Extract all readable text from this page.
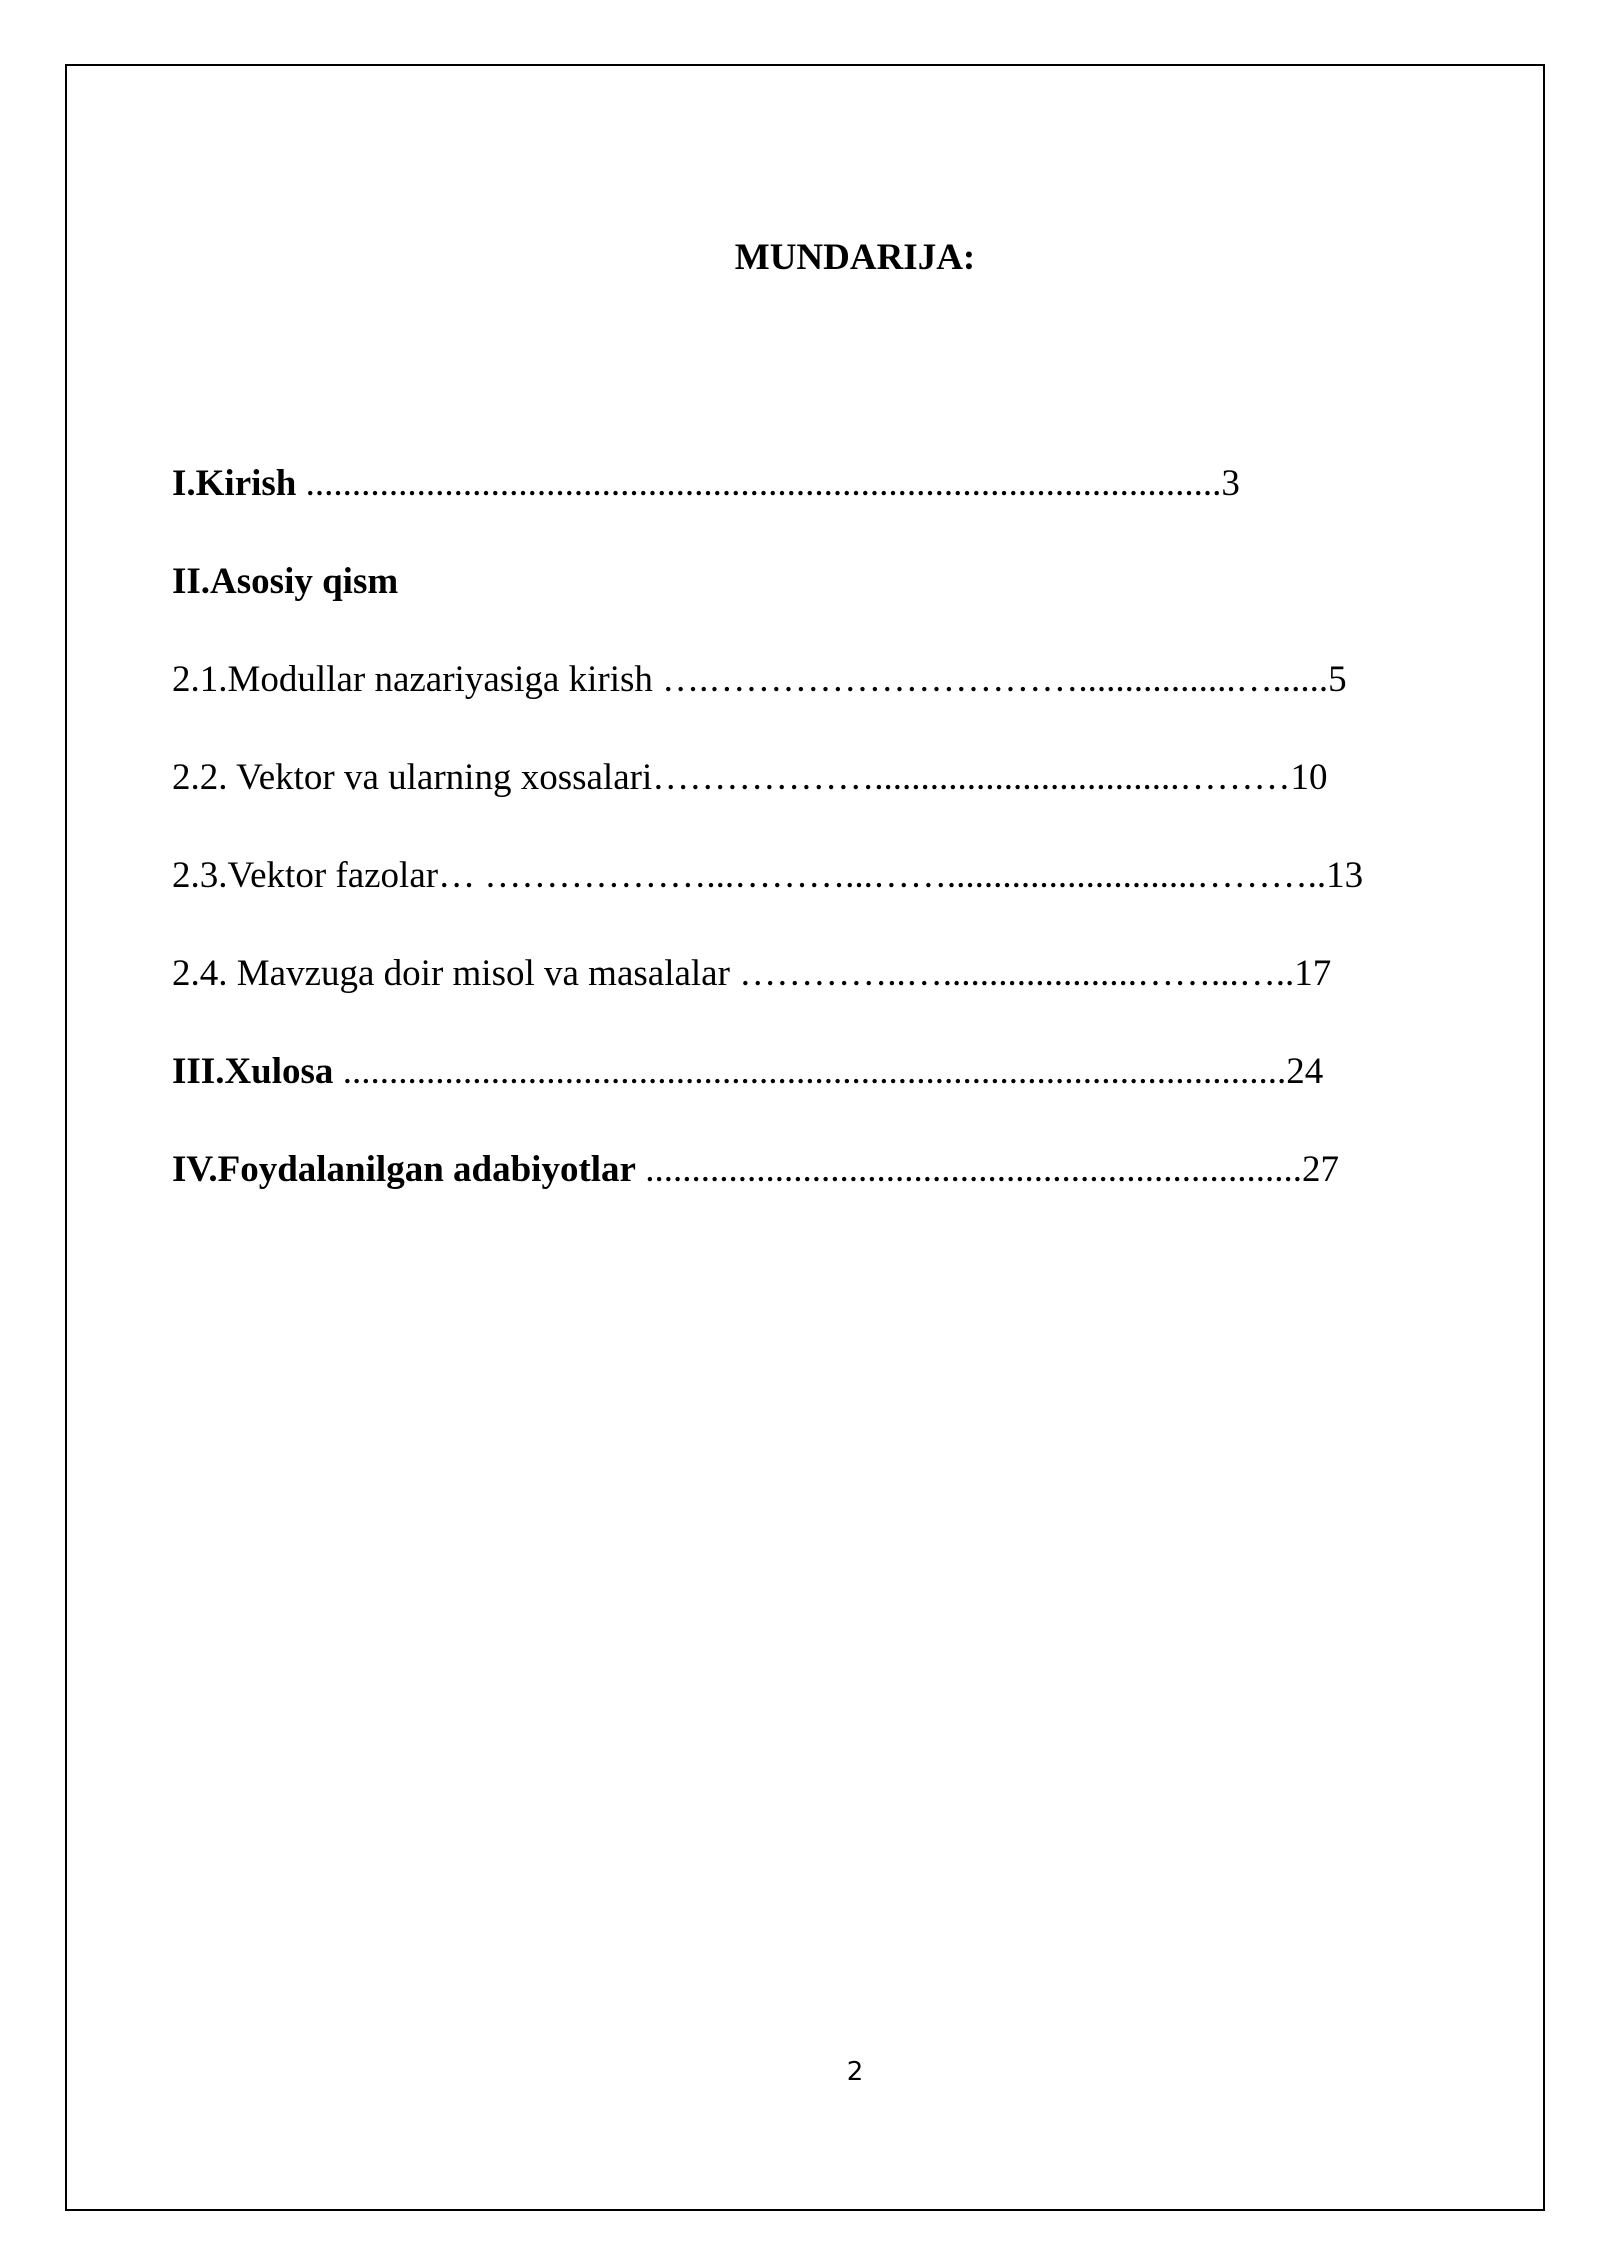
MUNDARIJA:
I.Kirish ...................................................................................................3
II.Asosiy qism
2.1.Modullar nazariyasiga kirish ….………………………….................…......5
2.2. Vektor va ularning xossalari……………….................................………10
2.3.Vektor fazolar… ………………...………...……...........................………..13
2.4. Mavzuga doir misol va masalalar …………..….....................……...…..17
III.Xulosa ......................................................................................................24
IV.Foydalanilgan adabiyotlar .......................................................................27
2
